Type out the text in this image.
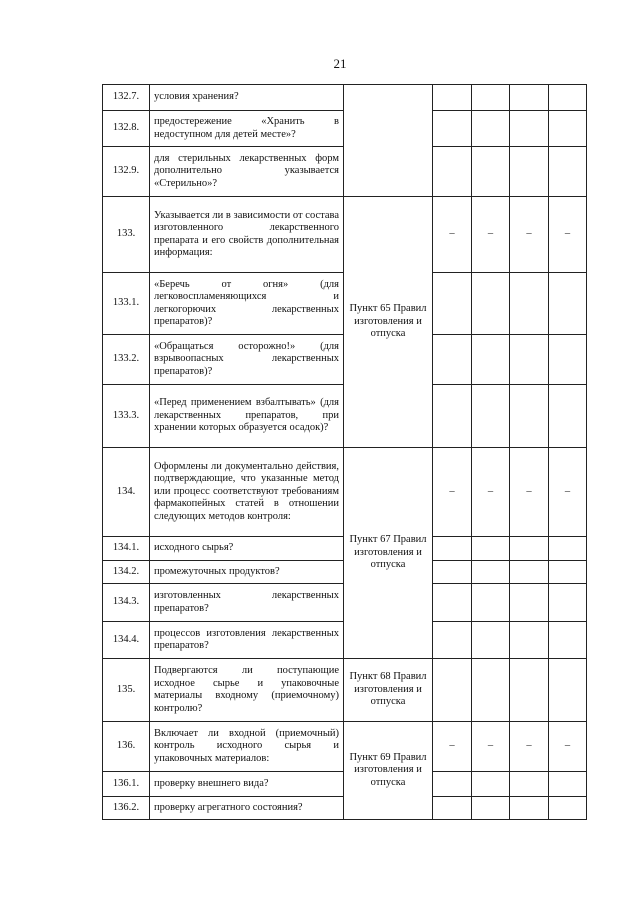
21
132.7.	условия хранения?					
132.8.	предостережение «Хранить в недоступном для детей месте»?					
132.9.	для стерильных лекарственных форм дополнительно указывается «Стерильно»?					
133.	Указывается ли в зависимости от состава изготовленного лекарственного препарата и его свойств дополнительная информация:	Пункт 65 Правил изготовления и отпуска	–	–	–	–
133.1.	«Беречь от огня» (для легковоспламеняющихся и легкогорючих лекарственных препаратов)?					
133.2.	«Обращаться осторожно!» (для взрывоопасных лекарственных препаратов)?					
133.3.	«Перед применением взбалтывать» (для лекарственных препаратов, при хранении которых образуется осадок)?					
134.	Оформлены ли документально действия, подтверждающие, что указанные метод или процесс соответствуют требованиям фармакопейных статей в отношении следующих методов контроля:	Пункт 67 Правил изготовления и отпуска	–	–	–	–
134.1.	исходного сырья?					
134.2.	промежуточных продуктов?					
134.3.	изготовленных лекарственных препаратов?					
134.4.	процессов изготовления лекарственных препаратов?					
135.	Подвергаются ли поступающие исходное сырье и упаковочные материалы входному (приемочному) контролю?	Пункт 68 Правил изготовления и отпуска				
136.	Включает ли входной (приемочный) контроль исходного сырья и упаковочных материалов:	Пункт 69 Правил изготовления и отпуска	–	–	–	–
136.1.	проверку внешнего вида?					
136.2.	проверку агрегатного состояния?					
